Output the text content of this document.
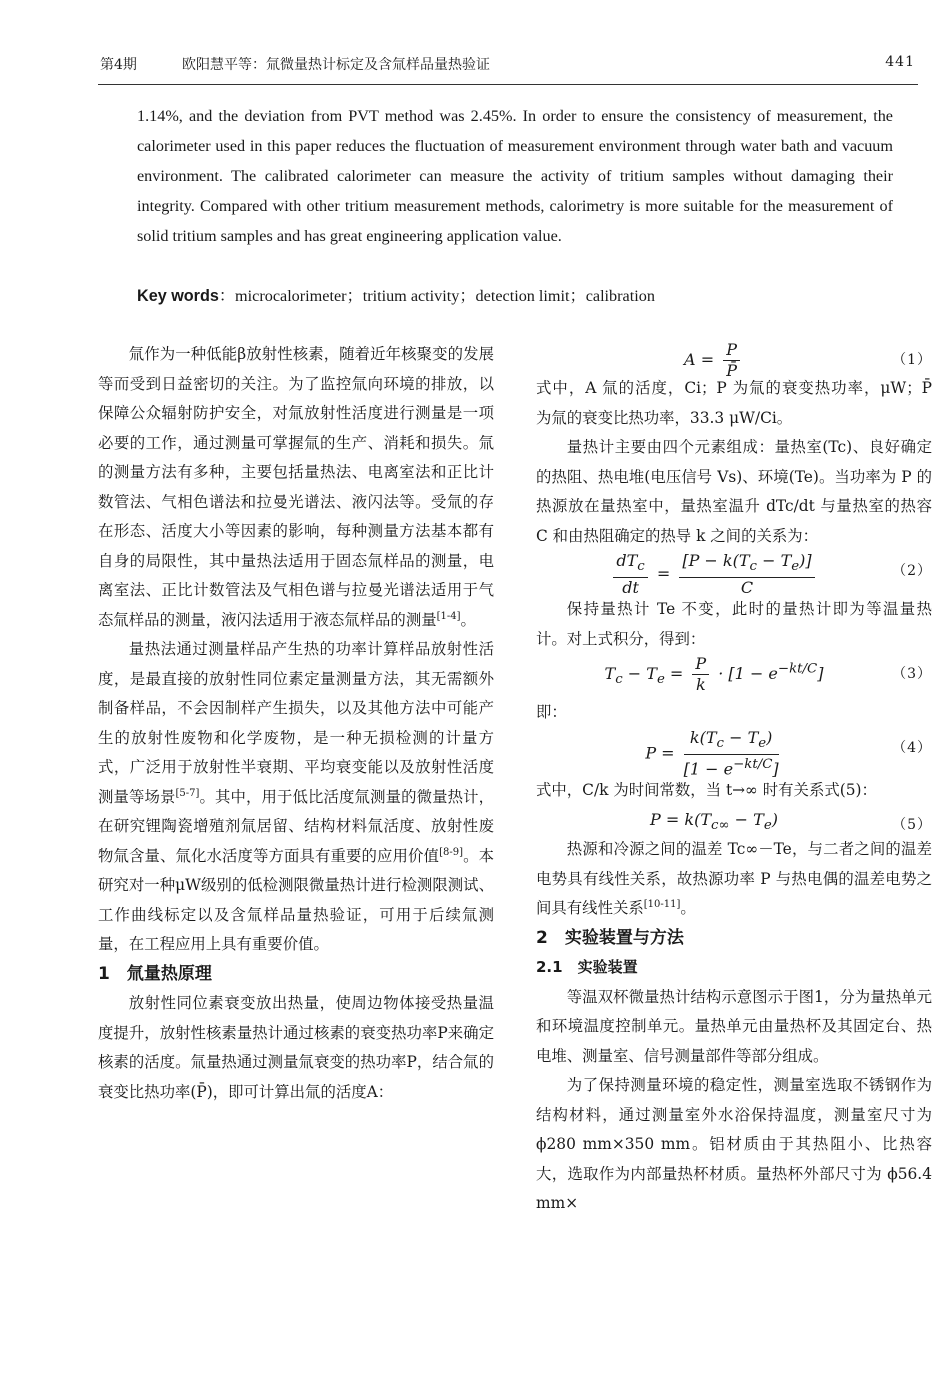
第4期	欧阳慧平等：氚微量热计标定及含氚样品量热验证	441
1.14%, and the deviation from PVT method was 2.45%. In order to ensure the consistency of measurement, the calorimeter used in this paper reduces the fluctuation of measurement environment through water bath and vacuum environment. The calibrated calorimeter can measure the activity of tritium samples without damaging their integrity. Compared with other tritium measurement methods, calorimetry is more suitable for the measurement of solid tritium samples and has great engineering application value.
Key words：microcalorimeter；tritium activity；detection limit；calibration

氚作为一种低能β放射性核素，随着近年核聚变的发展等而受到日益密切的关注。为了监控氚向环境的排放，以保障公众辐射防护安全，对氚放射性活度进行测量是一项必要的工作，通过测量可掌握氚的生产、消耗和损失。氚的测量方法有多种，主要包括量热法、电离室法和正比计数管法、气相色谱法和拉曼光谱法、液闪法等。受氚的存在形态、活度大小等因素的影响，每种测量方法基本都有自身的局限性，其中量热法适用于固态氚样品的测量，电离室法、正比计数管法及气相色谱与拉曼光谱法适用于气态氚样品的测量，液闪法适用于液态氚样品的测量[1-4]。

量热法通过测量样品产生热的功率计算样品放射性活度，是最直接的放射性同位素定量测量方法，其无需额外制备样品，不会因制样产生损失，以及其他方法中可能产生的放射性废物和化学废物，是一种无损检测的计量方式，广泛用于放射性半衰期、平均衰变能以及放射性活度测量等场景[5-7]。其中，用于低比活度氚测量的微量热计，在研究锂陶瓷增殖剂氚居留、结构材料氚活度、放射性废物氚含量、氚化水活度等方面具有重要的应用价值[8-9]。本研究对一种μW级别的低检测限微量热计进行检测限测试、工作曲线标定以及含氚样品量热验证，可用于后续氚测量，在工程应用上具有重要价值。

1　氚量热原理

放射性同位素衰变放出热量，使周边物体接受热量温度提升，放射性核素量热计通过核素的衰变热功率P来确定核素的活度。氚量热通过测量氚衰变的热功率P，结合氚的衰变比热功率(P̄)，即可计算出氚的活度A：

$A = \frac{P}{P̄}$	（1）

式中，A 氚的活度，Ci；P 为氚的衰变热功率，μW；P̄ 为氚的衰变比热功率，33.3 μW/Ci。

量热计主要由四个元素组成：量热室(Tc)、良好确定的热阻、热电堆(电压信号 Vs)、环境(Te)。当功率为 P 的热源放在量热室中，量热室温升 dTc/dt 与量热室的热容 C 和由热阻确定的热导 k 之间的关系为：

$\frac{dT_c}{dt} = \frac{[P - k(T_c - T_e)]}{C}$	（2）

保持量热计 Te 不变，此时的量热计即为等温量热计。对上式积分，得到：

$T_c - T_e = \frac{P}{k} \cdot [1 - e^{-kt/C}]$	（3）

即：

$P = \frac{k(T_c - T_e)}{[1 - e^{-kt/C}]}$	（4）

式中，C/k 为时间常数，当 t→∞ 时有关系式(5)：

$P = k(T_{c\infty} - T_e)$	（5）

热源和冷源之间的温差 Tc∞－Te，与二者之间的温差电势具有线性关系，故热源功率 P 与热电偶的温差电势之间具有线性关系[10-11]。

2　实验装置与方法

2.1　实验装置

等温双杯微量热计结构示意图示于图1，分为量热单元和环境温度控制单元。量热单元由量热杯及其固定台、热电堆、测量室、信号测量部件等部分组成。

为了保持测量环境的稳定性，测量室选取不锈钢作为结构材料，通过测量室外水浴保持温度，测量室尺寸为 ϕ280 mm×350 mm。铝材质由于其热阻小、比热容大，选取作为内部量热杯材质。量热杯外部尺寸为 ϕ56.4 mm×
